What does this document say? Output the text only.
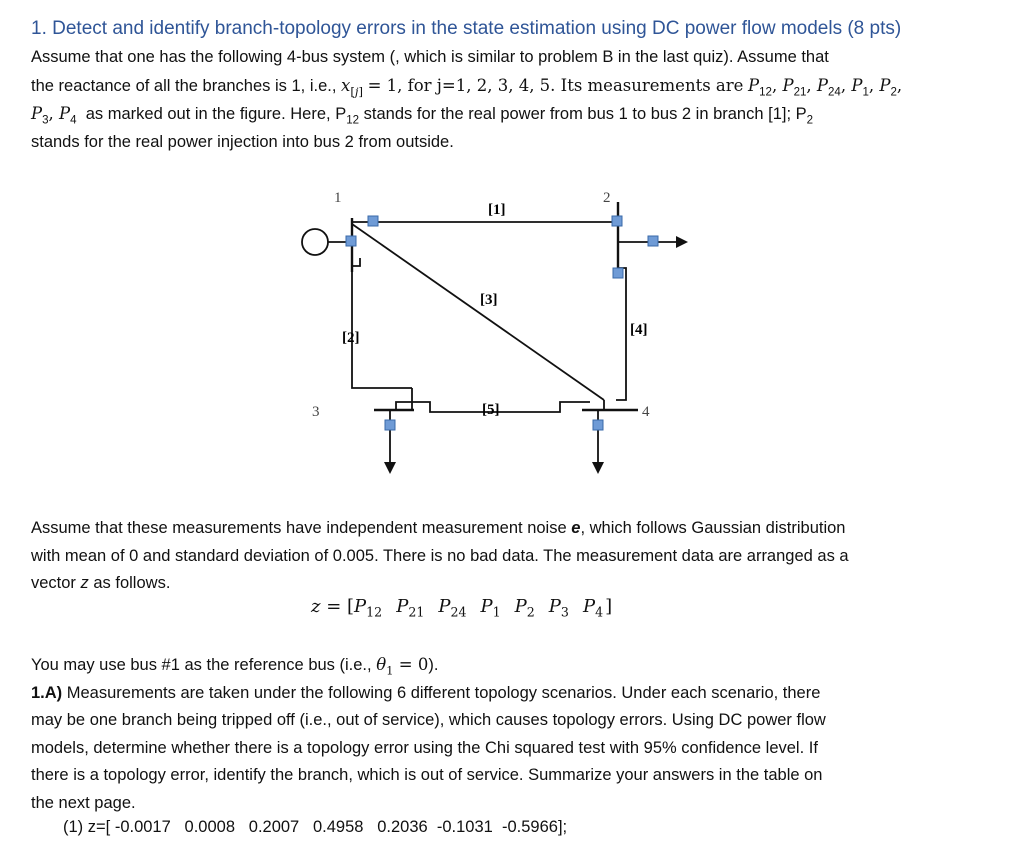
1. Detect and identify branch-topology errors in the state estimation using DC power flow models (8 pts)
Assume that one has the following 4-bus system (, which is similar to problem B in the last quiz). Assume that
the reactance of all the branches is 1, i.e., $x_{[j]} = 1$, for j=1, 2, 3, 4, 5. Its measurements are $P_{12}$, $P_{21}$, $P_{24}$, $P_1$, $P_2$,
$P_3$, $P_4$ as marked out in the figure. Here, $P_{12}$ stands for the real power from bus 1 to bus 2 in branch [1]; $P_2$
stands for the real power injection into bus 2 from outside.
1	2
3	4
[1]
[2]
[3]
[4]
[5]
Assume that these measurements have independent measurement noise e, which follows Gaussian distribution
with mean of 0 and standard deviation of 0.005. There is no bad data. The measurement data are arranged as a
vector z as follows.
$z = [P_{12}$ $P_{21}$ $P_{24}$ $P_1$ $P_2$ $P_3$ $P_4$ ]
You may use bus #1 as the reference bus (i.e., $\theta_1 = 0$).
1.A) Measurements are taken under the following 6 different topology scenarios. Under each scenario, there
may be one branch being tripped off (i.e., out of service), which causes topology errors. Using DC power flow
models, determine whether there is a topology error using the Chi squared test with 95% confidence level. If
there is a topology error, identify the branch, which is out of service. Summarize your answers in the table on
the next page.
(1) z=[ -0.0017   0.0008   0.2007   0.4958   0.2036  -0.1031  -0.5966];
